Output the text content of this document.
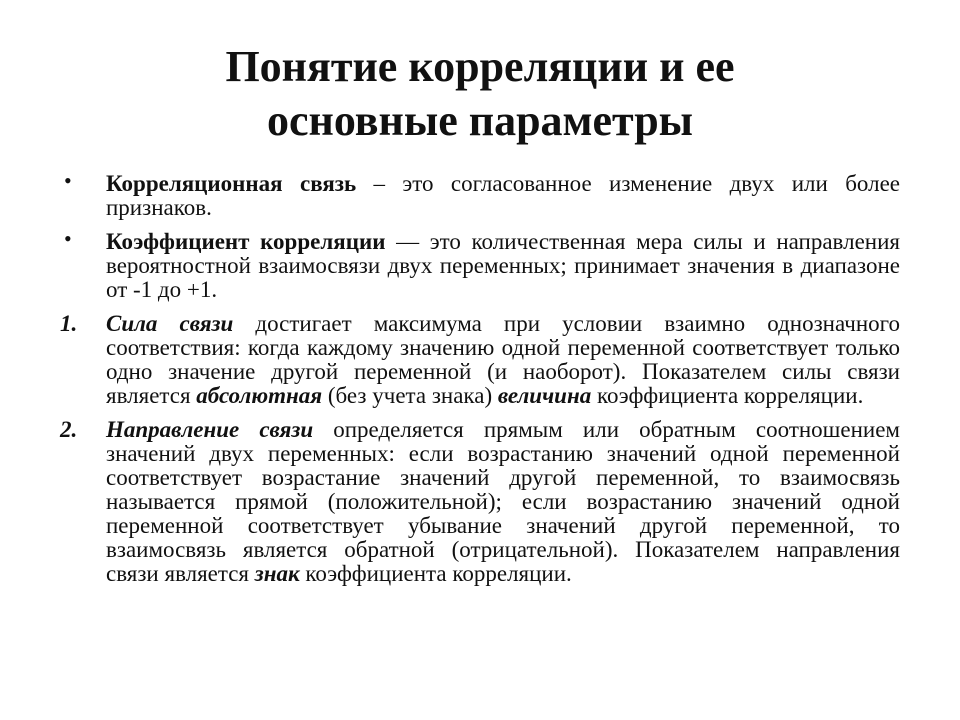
Понятие корреляции и ее
основные параметры
•	Корреляционная связь – это согласованное изменение двух или более признаков.
•	Коэффициент корреляции — это количественная мера силы и направления вероятностной взаимосвязи двух переменных; принимает значения в диапазоне от -1 до +1.
1.	Сила связи достигает максимума при условии взаимно однозначного соответствия: когда каждому значению одной переменной соответствует только одно значение другой переменной (и наоборот). Показателем силы связи является абсолютная (без учета знака) величина коэффициента корреляции.
2.	Направление связи определяется прямым или обратным соотношением значений двух переменных: если возрастанию значений одной переменной соответствует возрастание значений другой переменной, то взаимосвязь называется прямой (положительной); если возрастанию значений одной переменной соответствует убывание значений другой переменной, то взаимосвязь является обратной (отрицательной). Показателем направления связи является знак коэффициента корреляции.
